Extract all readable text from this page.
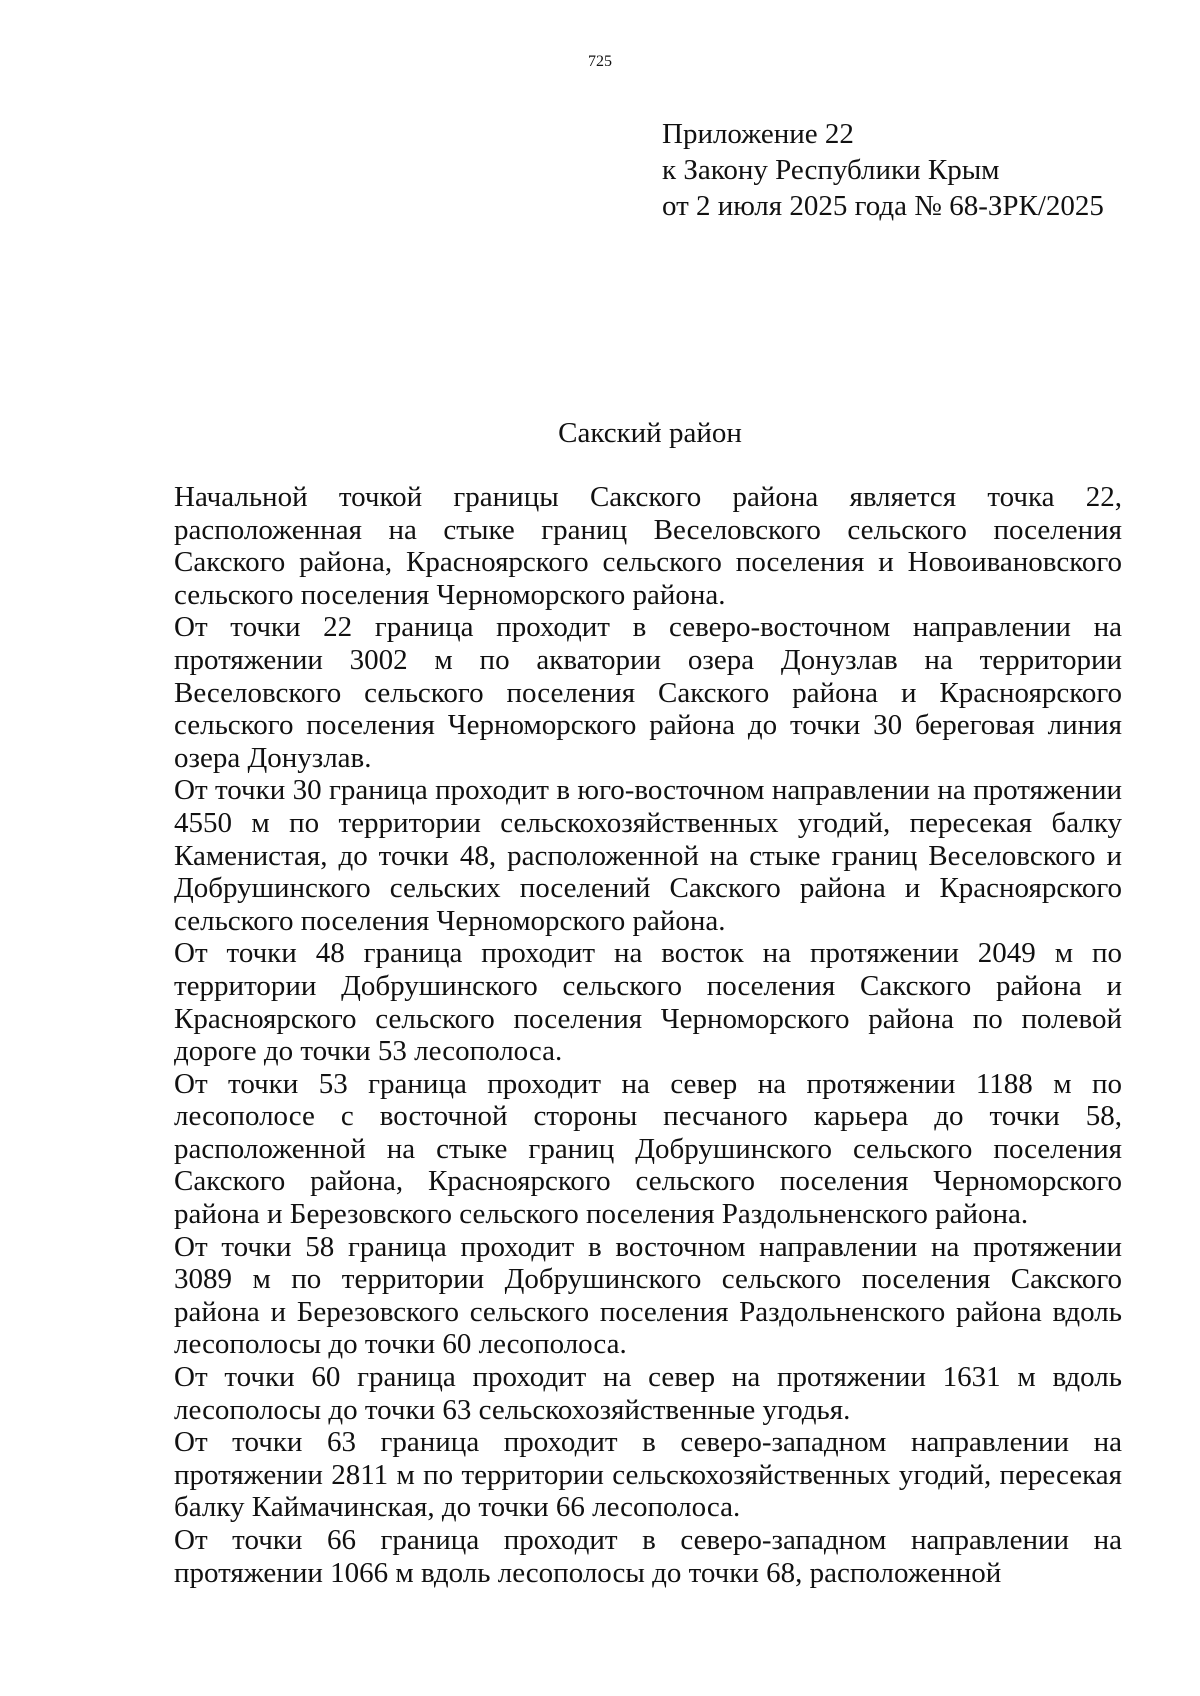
725
Приложение 22
к Закону Республики Крым
от 2 июля 2025 года № 68-ЗРК/2025
Сакский район

Начальной точкой границы Сакского района является точка 22, расположенная на стыке границ Веселовского сельского поселения Сакского района, Красноярского сельского поселения и Новоивановского сельского поселения Черноморского района.

От точки 22 граница проходит в северо-восточном направлении на протяжении 3002 м по акватории озера Донузлав на территории Веселовского сельского поселения Сакского района и Красноярского сельского поселения Черноморского района до точки 30 береговая линия озера Донузлав.

От точки 30 граница проходит в юго-восточном направлении на протяжении 4550 м по территории сельскохозяйственных угодий, пересекая балку Каменистая, до точки 48, расположенной на стыке границ Веселовского и Добрушинского сельских поселений Сакского района и Красноярского сельского поселения Черноморского района.

От точки 48 граница проходит на восток на протяжении 2049 м по территории Добрушинского сельского поселения Сакского района и Красноярского сельского поселения Черноморского района по полевой дороге до точки 53 лесополоса.

От точки 53 граница проходит на север на протяжении 1188 м по лесополосе с восточной стороны песчаного карьера до точки 58, расположенной на стыке границ Добрушинского сельского поселения Сакского района, Красноярского сельского поселения Черноморского района и Березовского сельского поселения Раздольненского района.

От точки 58 граница проходит в восточном направлении на протяжении 3089 м по территории Добрушинского сельского поселения Сакского района и Березовского сельского поселения Раздольненского района вдоль лесополосы до точки 60 лесополоса.

От точки 60 граница проходит на север на протяжении 1631 м вдоль лесополосы до точки 63 сельскохозяйственные угодья.

От точки 63 граница проходит в северо-западном направлении на протяжении 2811 м по территории сельскохозяйственных угодий, пересекая балку Каймачинская, до точки 66 лесополоса.

От точки 66 граница проходит в северо-западном направлении на протяжении 1066 м вдоль лесополосы до точки 68, расположенной
